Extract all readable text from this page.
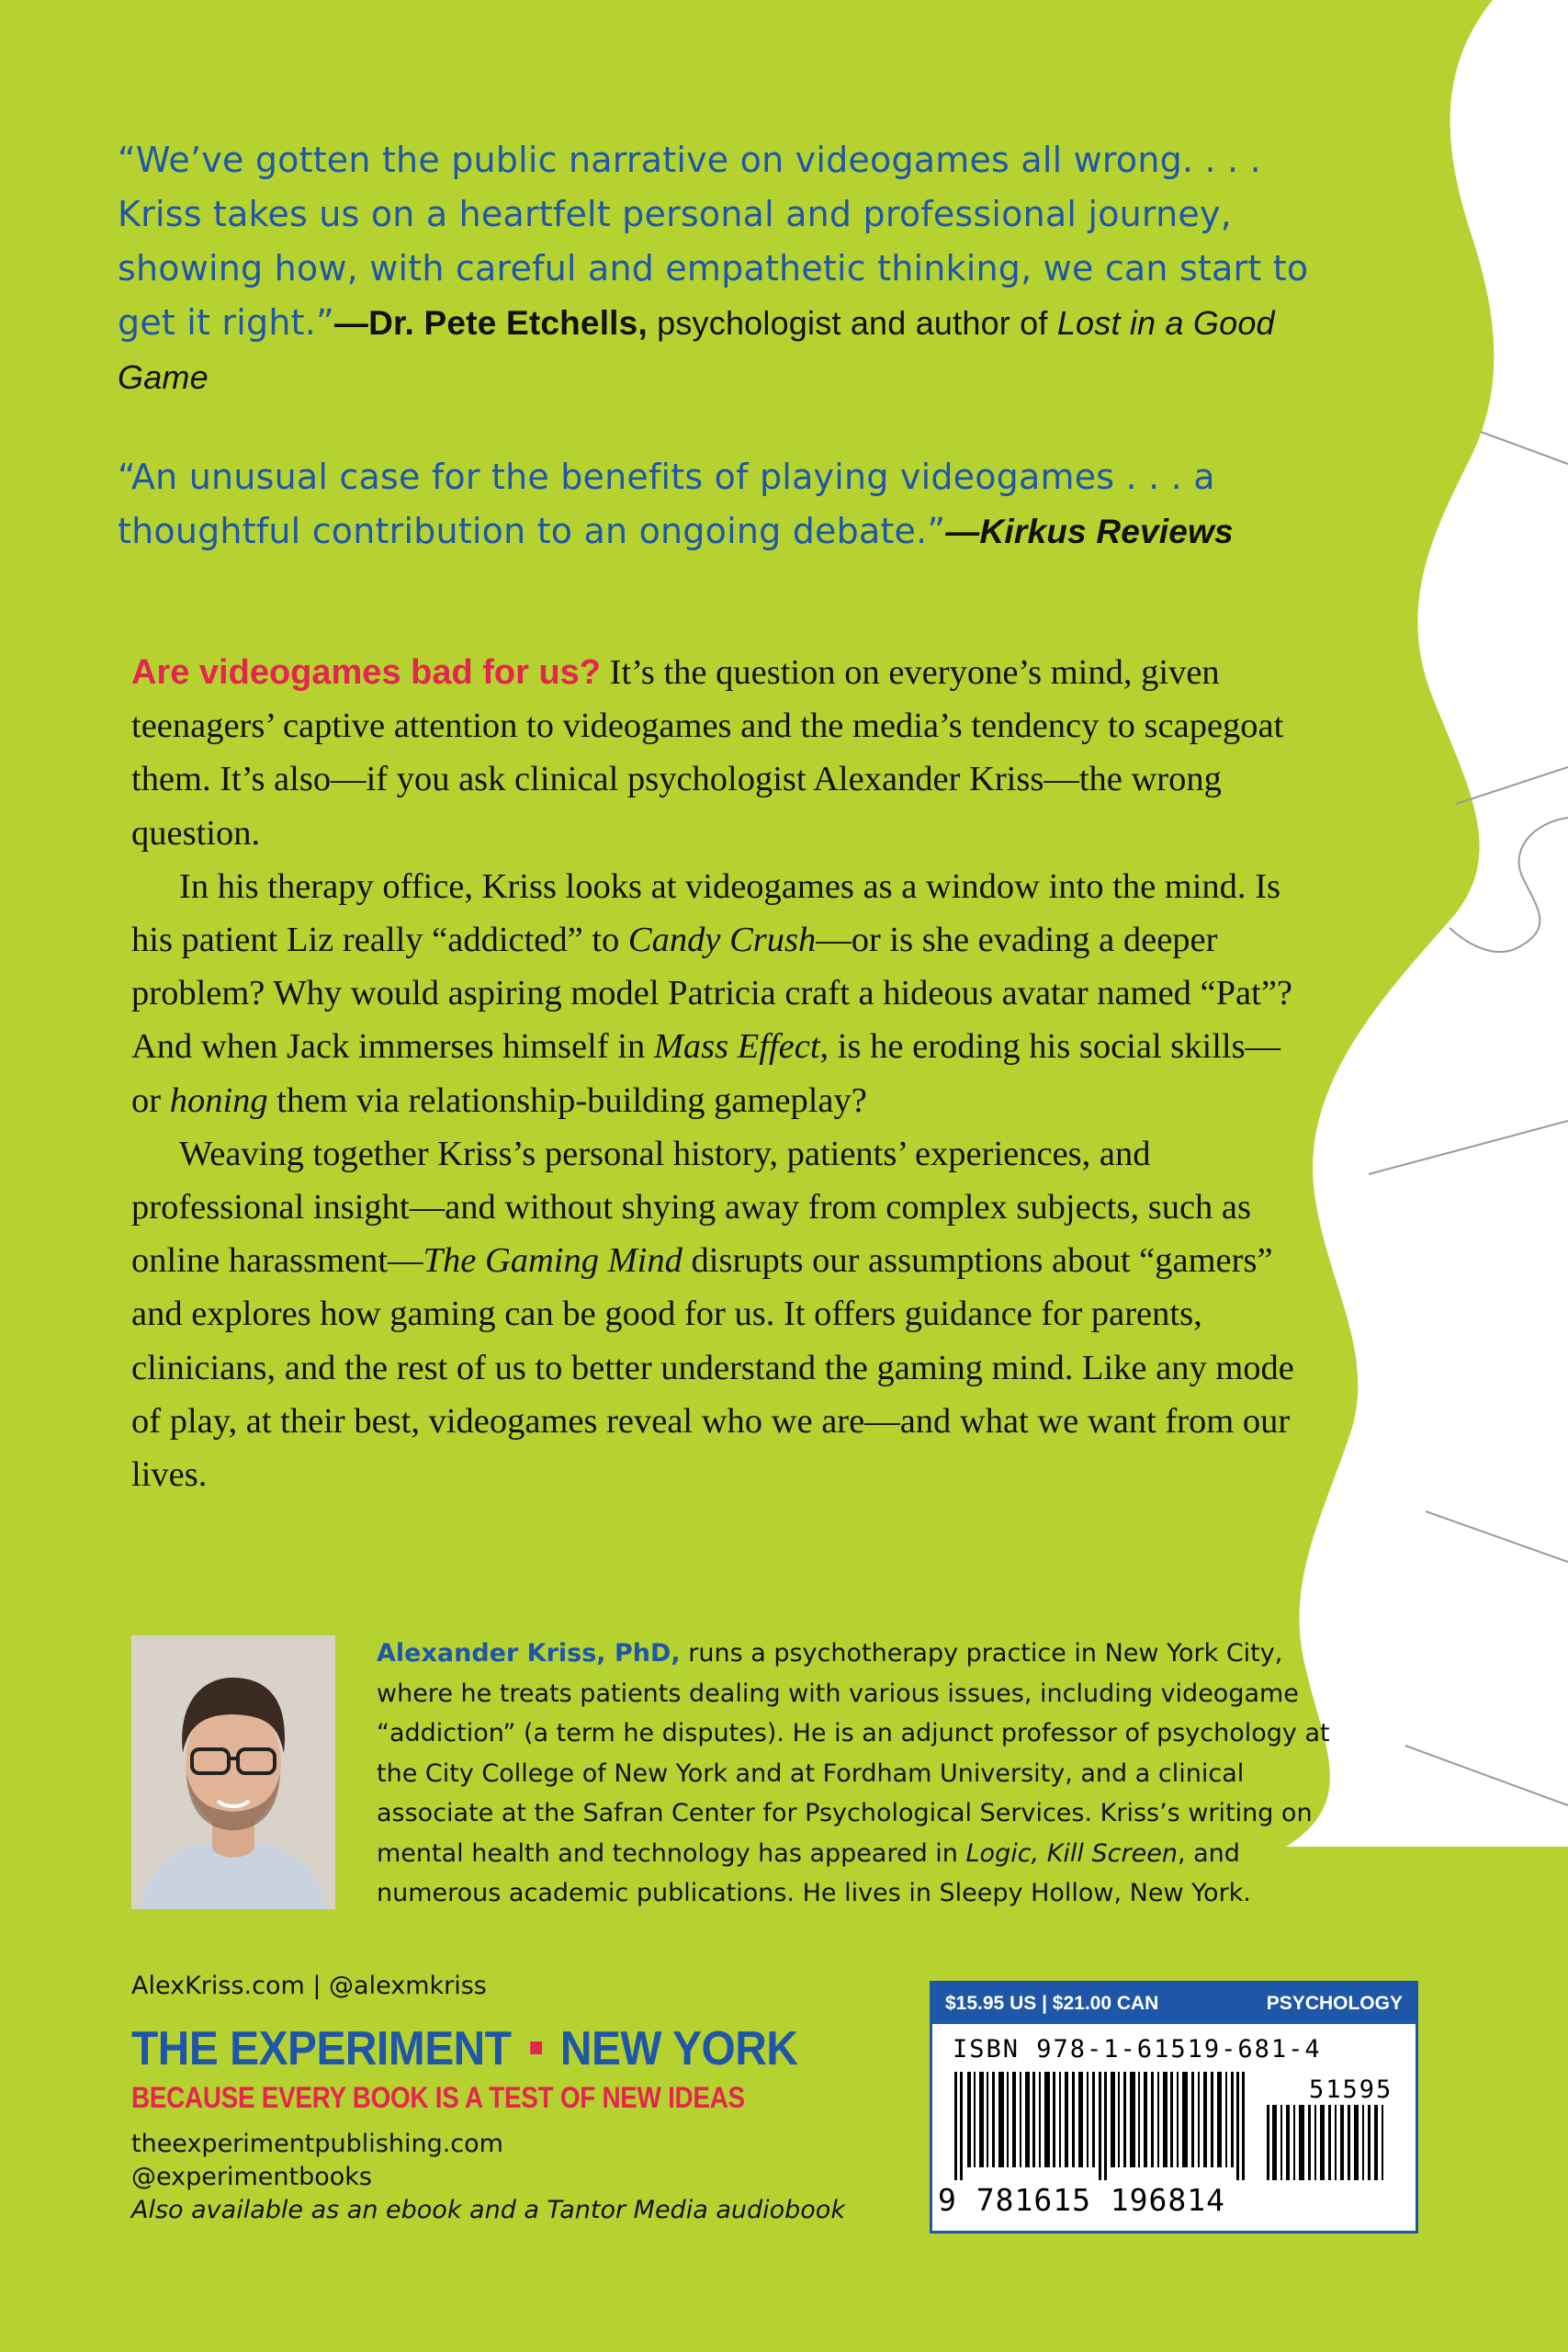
“We’ve gotten the public narrative on videogames all wrong. . . . Kriss takes us on a heartfelt personal and professional journey, showing how, with careful and empathetic thinking, we can start to get it right.”—Dr. Pete Etchells, psychologist and author of Lost in a Good Game
“An unusual case for the benefits of playing videogames . . . a thoughtful contribution to an ongoing debate.”—Kirkus Reviews

Are videogames bad for us? It’s the question on everyone’s mind, given teenagers’ captive attention to videogames and the media’s tendency to scapegoat them. It’s also—if you ask clinical psychologist Alexander Kriss—the wrong question.

In his therapy office, Kriss looks at videogames as a window into the mind. Is his patient Liz really “addicted” to Candy Crush—or is she evading a deeper problem? Why would aspiring model Patricia craft a hideous avatar named “Pat”? And when Jack immerses himself in Mass Effect, is he eroding his social skills—or honing them via relationship-building gameplay?

Weaving together Kriss’s personal history, patients’ experiences, and professional insight—and without shying away from complex subjects, such as online harassment—The Gaming Mind disrupts our assumptions about “gamers” and explores how gaming can be good for us. It offers guidance for parents, clinicians, and the rest of us to better understand the gaming mind. Like any mode of play, at their best, videogames reveal who we are—and what we want from our lives.

Alexander Kriss, PhD, runs a psychotherapy practice in New York City, where he treats patients dealing with various issues, including videogame “addiction” (a term he disputes). He is an adjunct professor of psychology at the City College of New York and at Fordham University, and a clinical associate at the Safran Center for Psychological Services. Kriss’s writing on mental health and technology has appeared in Logic, Kill Screen, and numerous academic publications. He lives in Sleepy Hollow, New York.
AlexKriss.com | @alexmkriss
THE EXPERIMENT NEW YORK
BECAUSE EVERY BOOK IS A TEST OF NEW IDEAS
theexperimentpublishing.com
@experimentbooks
Also available as an ebook and a Tantor Media audiobook
$15.95 US | $21.00 CAN	PSYCHOLOGY
ISBN 978-1-61519-681-4
51595
9 781615 196814
